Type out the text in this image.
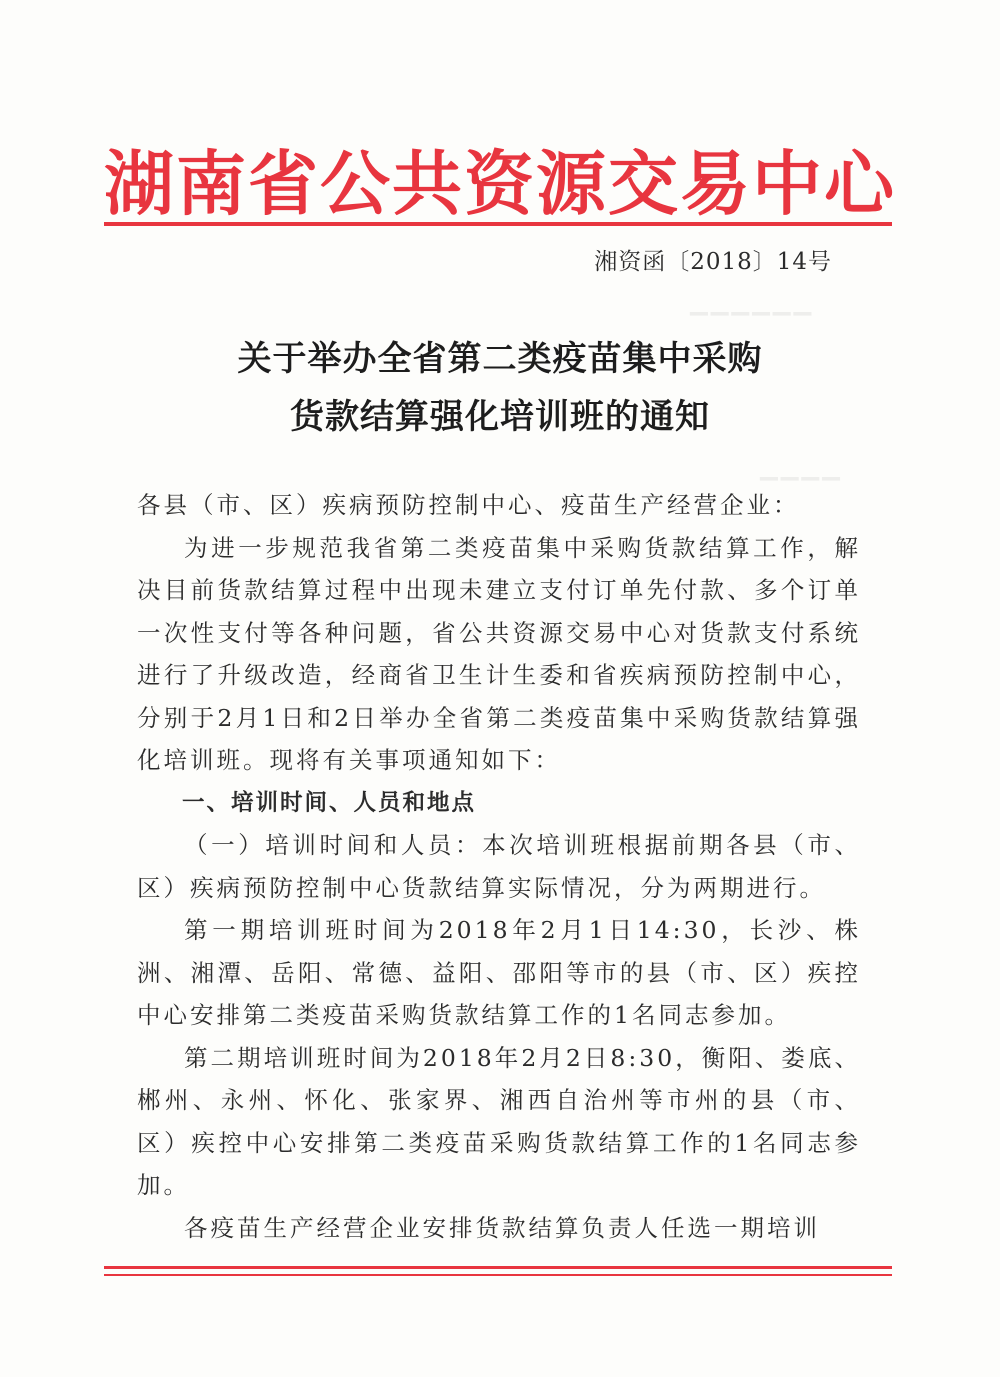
▁▁▁▁▁▁
▁▁▁▁
湖南省公共资源交易中心
湘资函〔2018〕14号
关于举办全省第二类疫苗集中采购
货款结算强化培训班的通知

各县（市、区）疾病预防控制中心、疫苗生产经营企业：

为进一步规范我省第二类疫苗集中采购货款结算工作，解决目前货款结算过程中出现未建立支付订单先付款、多个订单一次性支付等各种问题，省公共资源交易中心对货款支付系统进行了升级改造，经商省卫生计生委和省疾病预防控制中心，分别于2月1日和2日举办全省第二类疫苗集中采购货款结算强化培训班。现将有关事项通知如下：

一、培训时间、人员和地点

（一）培训时间和人员：本次培训班根据前期各县（市、区）疾病预防控制中心货款结算实际情况，分为两期进行。

第一期培训班时间为2018年2月1日14:30，长沙、株洲、湘潭、岳阳、常德、益阳、邵阳等市的县（市、区）疾控中心安排第二类疫苗采购货款结算工作的1名同志参加。

第二期培训班时间为2018年2月2日8:30，衡阳、娄底、郴州、永州、怀化、张家界、湘西自治州等市州的县（市、区）疾控中心安排第二类疫苗采购货款结算工作的1名同志参加。

各疫苗生产经营企业安排货款结算负责人任选一期培训
